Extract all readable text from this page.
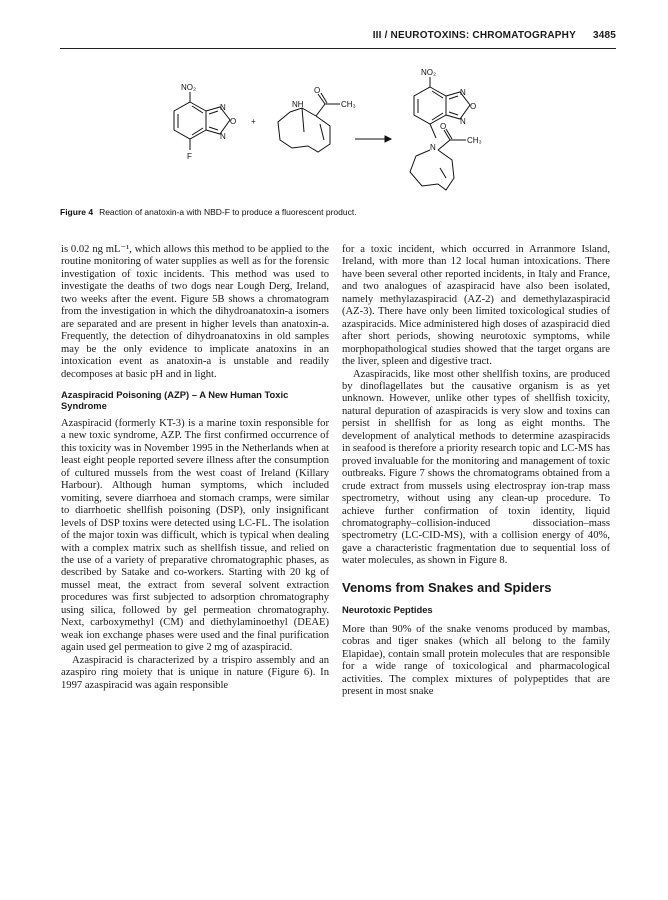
III / NEUROTOXINS: CHROMATOGRAPHY 3485
NO₂
F
N
O
N
+
NH
O
CH₃
NO₂
N
O
N
N
O
CH₃
Figure 4 Reaction of anatoxin-a with NBD-F to produce a fluorescent product.

is 0.02 ng mL⁻¹, which allows this method to be applied to the routine monitoring of water supplies as well as for the forensic investigation of toxic incidents. This method was used to investigate the deaths of two dogs near Lough Derg, Ireland, two weeks after the event. Figure 5B shows a chromatogram from the investigation in which the dihydroanatoxin-a isomers are separated and are present in higher levels than anatoxin-a. Frequently, the detection of dihydroanatoxins in old samples may be the only evidence to implicate anatoxins in an intoxication event as anatoxin-a is unstable and readily decomposes at basic pH and in light.

Azaspiracid Poisoning (AZP) – A New Human Toxic Syndrome

Azaspiracid (formerly KT-3) is a marine toxin responsible for a new toxic syndrome, AZP. The first confirmed occurrence of this toxicity was in November 1995 in the Netherlands when at least eight people reported severe illness after the consumption of cultured mussels from the west coast of Ireland (Killary Harbour). Although human symptoms, which included vomiting, severe diarrhoea and stomach cramps, were similar to diarrhoetic shellfish poisoning (DSP), only insignificant levels of DSP toxins were detected using LC-FL. The isolation of the major toxin was difficult, which is typical when dealing with a complex matrix such as shellfish tissue, and relied on the use of a variety of preparative chromatographic phases, as described by Satake and co-workers. Starting with 20 kg of mussel meat, the extract from several solvent extraction procedures was first subjected to adsorption chromatography using silica, followed by gel permeation chromatography. Next, carboxymethyl (CM) and diethylaminoethyl (DEAE) weak ion exchange phases were used and the final purification again used gel permeation to give 2 mg of azaspiracid.

Azaspiracid is characterized by a trispiro assembly and an azaspiro ring moiety that is unique in nature (Figure 6). In 1997 azaspiracid was again responsible

for a toxic incident, which occurred in Arranmore Island, Ireland, with more than 12 local human intoxications. There have been several other reported incidents, in Italy and France, and two analogues of azaspiracid have also been isolated, namely methylazaspiracid (AZ-2) and demethylazaspiracid (AZ-3). There have only been limited toxicological studies of azaspiracids. Mice administered high doses of azaspiracid died after short periods, showing neurotoxic symptoms, while morphopathological studies showed that the target organs are the liver, spleen and digestive tract.

Azaspiracids, like most other shellfish toxins, are produced by dinoflagellates but the causative organism is as yet unknown. However, unlike other types of shellfish toxicity, natural depuration of azaspiracids is very slow and toxins can persist in shellfish for as long as eight months. The development of analytical methods to determine azaspiracids in seafood is therefore a priority research topic and LC-MS has proved invaluable for the monitoring and management of toxic outbreaks. Figure 7 shows the chromatograms obtained from a crude extract from mussels using electrospray ion-trap mass spectrometry, without using any clean-up procedure. To achieve further confirmation of toxin identity, liquid chromatography–collision-induced dissociation–mass spectrometry (LC-CID-MS), with a collision energy of 40%, gave a characteristic fragmentation due to sequential loss of water molecules, as shown in Figure 8.

Venoms from Snakes and Spiders
Neurotoxic Peptides

More than 90% of the snake venoms produced by mambas, cobras and tiger snakes (which all belong to the family Elapidae), contain small protein molecules that are responsible for a wide range of toxicological and pharmacological activities. The complex mixtures of polypeptides that are present in most snake
